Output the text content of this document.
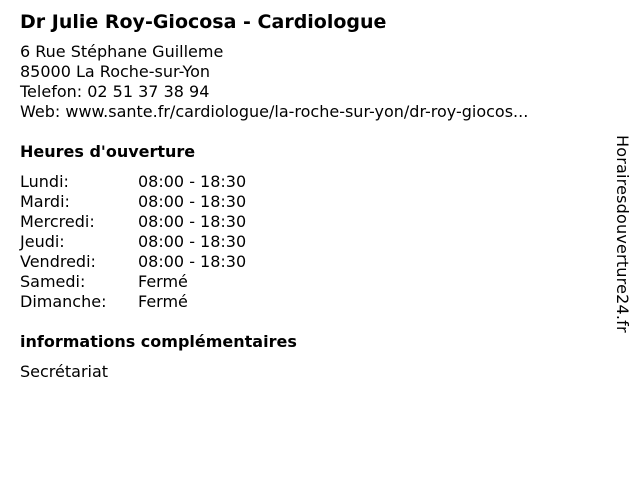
Dr Julie Roy-Giocosa - Cardiologue
6 Rue Stéphane Guilleme
85000 La Roche-sur-Yon
Telefon: 02 51 37 38 94
Web: www.sante.fr/cardiologue/la-roche-sur-yon/dr-roy-giocos...
Heures d'ouverture
Lundi:	08:00 - 18:30
Mardi:	08:00 - 18:30
Mercredi:	08:00 - 18:30
Jeudi:	08:00 - 18:30
Vendredi:	08:00 - 18:30
Samedi:	Fermé
Dimanche:	Fermé
informations complémentaires
Secrétariat
Horairesdouverture24.fr
